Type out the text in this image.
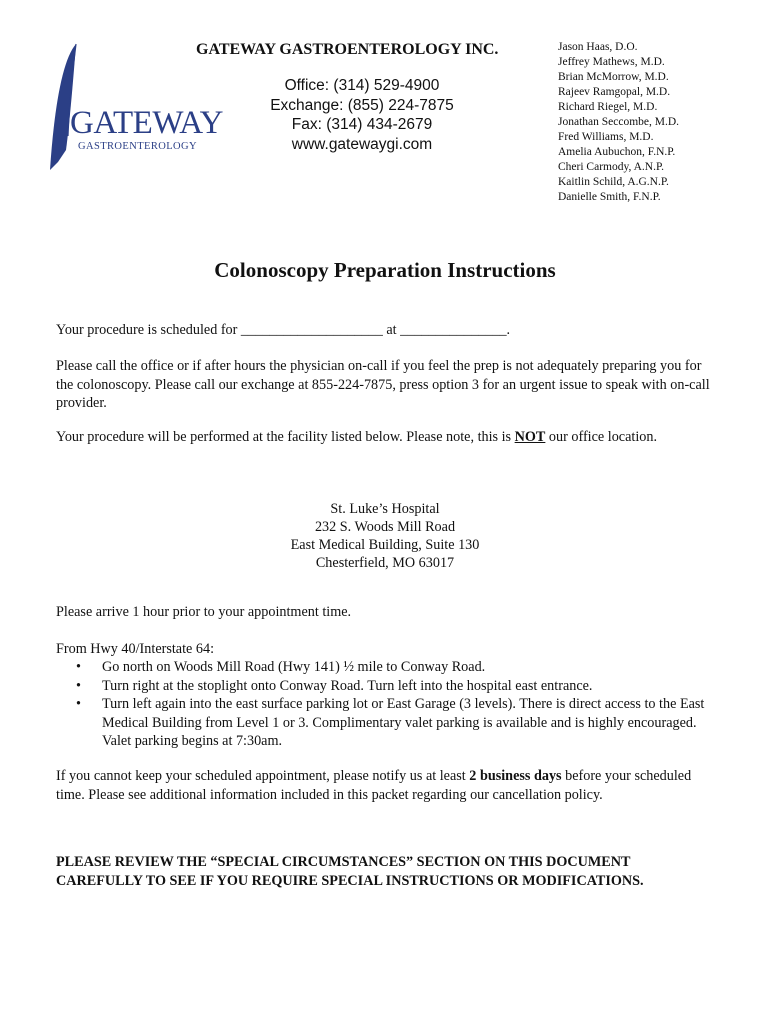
GATEWAY
GASTROENTEROLOGY
GATEWAY GASTROENTEROLOGY INC.
Office: (314) 529-4900
Exchange: (855) 224-7875
Fax: (314) 434-2679
www.gatewaygi.com
Jason Haas, D.O.
Jeffrey Mathews, M.D.
Brian McMorrow, M.D.
Rajeev Ramgopal, M.D.
Richard Riegel, M.D.
Jonathan Seccombe, M.D.
Fred Williams, M.D.
Amelia Aubuchon, F.N.P.
Cheri Carmody, A.N.P.
Kaitlin Schild, A.G.N.P.
Danielle Smith, F.N.P.
Colonoscopy Preparation Instructions
Your procedure is scheduled for ____________________ at _______________.
Please call the office or if after hours the physician on-call if you feel the prep is not adequately preparing you for the colonoscopy. Please call our exchange at 855-224-7875, press option 3 for an urgent issue to speak with on-call provider.
Your procedure will be performed at the facility listed below. Please note, this is NOT our office location.
St. Luke’s Hospital
232 S. Woods Mill Road
East Medical Building, Suite 130
Chesterfield, MO 63017
Please arrive 1 hour prior to your appointment time.
From Hwy 40/Interstate 64:
• Go north on Woods Mill Road (Hwy 141) ½ mile to Conway Road.
• Turn right at the stoplight onto Conway Road. Turn left into the hospital east entrance.
• Turn left again into the east surface parking lot or East Garage (3 levels). There is direct access to the East Medical Building from Level 1 or 3. Complimentary valet parking is available and is highly encouraged. Valet parking begins at 7:30am.
If you cannot keep your scheduled appointment, please notify us at least 2 business days before your scheduled time. Please see additional information included in this packet regarding our cancellation policy.
PLEASE REVIEW THE “SPECIAL CIRCUMSTANCES” SECTION ON THIS DOCUMENT CAREFULLY TO SEE IF YOU REQUIRE SPECIAL INSTRUCTIONS OR MODIFICATIONS.
